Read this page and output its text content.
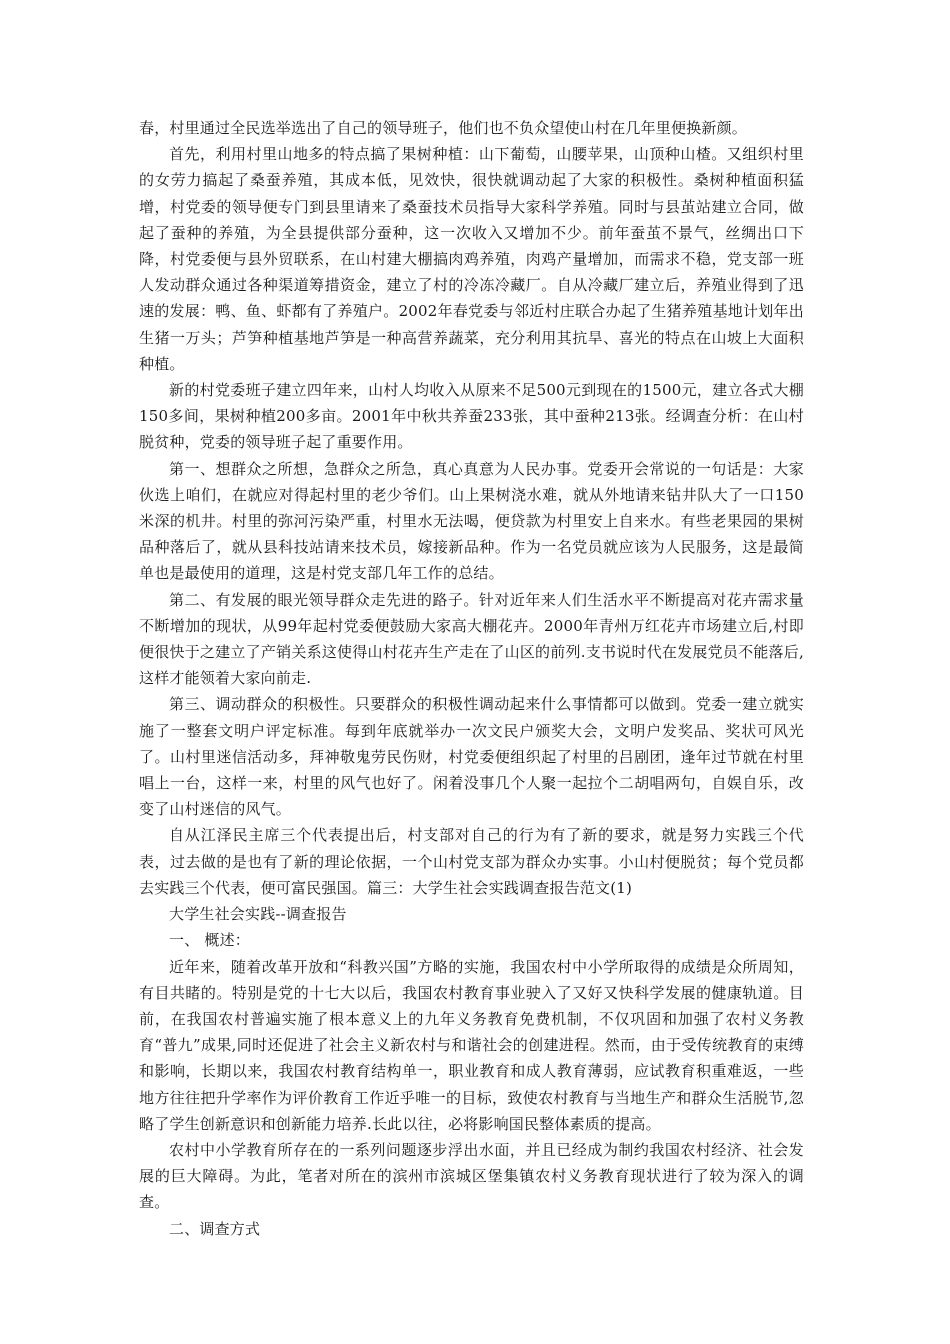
春，村里通过全民选举选出了自己的领导班子，他们也不负众望使山村在几年里便换新颜。

首先，利用村里山地多的特点搞了果树种植：山下葡萄，山腰苹果，山顶种山楂。又组织村里的女劳力搞起了桑蚕养殖，其成本低，见效快，很快就调动起了大家的积极性。桑树种植面积猛增，村党委的领导便专门到县里请来了桑蚕技术员指导大家科学养殖。同时与县茧站建立合同，做起了蚕种的养殖，为全县提供部分蚕种，这一次收入又增加不少。前年蚕茧不景气，丝绸出口下降，村党委便与县外贸联系，在山村建大棚搞肉鸡养殖，肉鸡产量增加，而需求不稳，党支部一班人发动群众通过各种渠道筹措资金，建立了村的冷冻冷藏厂。自从冷藏厂建立后，养殖业得到了迅速的发展：鸭、鱼、虾都有了养殖户。2002年春党委与邻近村庄联合办起了生猪养殖基地计划年出生猪一万头；芦笋种植基地芦笋是一种高营养蔬菜，充分利用其抗旱、喜光的特点在山坡上大面积种植。

新的村党委班子建立四年来，山村人均收入从原来不足500元到现在的1500元，建立各式大棚150多间，果树种植200多亩。2001年中秋共养蚕233张，其中蚕种213张。经调查分析：在山村脱贫种，党委的领导班子起了重要作用。

第一、想群众之所想，急群众之所急，真心真意为人民办事。党委开会常说的一句话是：大家伙选上咱们，在就应对得起村里的老少爷们。山上果树浇水难，就从外地请来钻井队大了一口150米深的机井。村里的弥河污染严重，村里水无法喝，便贷款为村里安上自来水。有些老果园的果树品种落后了，就从县科技站请来技术员，嫁接新品种。作为一名党员就应该为人民服务，这是最简单也是最使用的道理，这是村党支部几年工作的总结。

第二、有发展的眼光领导群众走先进的路子。针对近年来人们生活水平不断提高对花卉需求量不断增加的现状，从99年起村党委便鼓励大家高大棚花卉。2000年青州万红花卉市场建立后,村即便很快于之建立了产销关系这使得山村花卉生产走在了山区的前列.支书说时代在发展党员不能落后,这样才能领着大家向前走.

第三、调动群众的积极性。只要群众的积极性调动起来什么事情都可以做到。党委一建立就实施了一整套文明户评定标准。每到年底就举办一次文民户颁奖大会，文明户发奖品、奖状可风光了。山村里迷信活动多，拜神敬鬼劳民伤财，村党委便组织起了村里的吕剧团，逢年过节就在村里唱上一台，这样一来，村里的风气也好了。闲着没事几个人聚一起拉个二胡唱两句，自娱自乐，改变了山村迷信的风气。

自从江泽民主席三个代表提出后，村支部对自己的行为有了新的要求，就是努力实践三个代表，过去做的是也有了新的理论依据，一个山村党支部为群众办实事。小山村便脱贫；每个党员都去实践三个代表，便可富民强国。篇三：大学生社会实践调查报告范文(1)

大学生社会实践--调查报告

一、 概述：

近年来，随着改革开放和“科教兴国”方略的实施，我国农村中小学所取得的成绩是众所周知，有目共睹的。特别是党的十七大以后，我国农村教育事业驶入了又好又快科学发展的健康轨道。目前，在我国农村普遍实施了根本意义上的九年义务教育免费机制，不仅巩固和加强了农村义务教育“普九”成果,同时还促进了社会主义新农村与和谐社会的创建进程。然而，由于受传统教育的束缚和影响，长期以来，我国农村教育结构单一，职业教育和成人教育薄弱，应试教育积重难返，一些地方往往把升学率作为评价教育工作近乎唯一的目标，致使农村教育与当地生产和群众生活脱节,忽略了学生创新意识和创新能力培养.长此以往，必将影响国民整体素质的提高。

农村中小学教育所存在的一系列问题逐步浮出水面，并且已经成为制约我国农村经济、社会发展的巨大障碍。为此，笔者对所在的滨州市滨城区堡集镇农村义务教育现状进行了较为深入的调查。

二、调查方式
